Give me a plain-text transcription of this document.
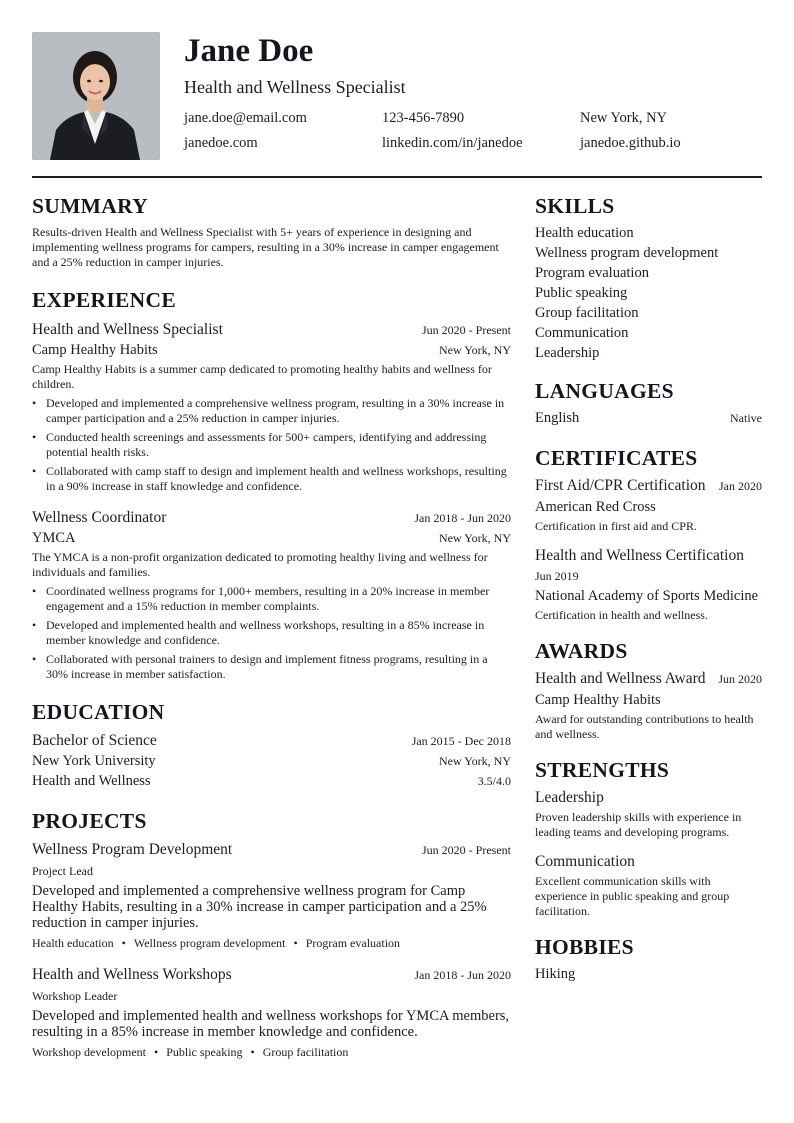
Jane Doe
Health and Wellness Specialist
jane.doe@email.com	123-456-7890	New York, NY
janedoe.com	linkedin.com/in/janedoe	janedoe.github.io
SUMMARY
Results-driven Health and Wellness Specialist with 5+ years of experience in designing and implementing wellness programs for campers, resulting in a 30% increase in camper engagement and a 25% reduction in camper injuries.
EXPERIENCE
Health and Wellness Specialist	Jun 2020 - Present
Camp Healthy Habits	New York, NY
Camp Healthy Habits is a summer camp dedicated to promoting healthy habits and wellness for children.
• Developed and implemented a comprehensive wellness program, resulting in a 30% increase in camper participation and a 25% reduction in camper injuries.
• Conducted health screenings and assessments for 500+ campers, identifying and addressing potential health risks.
• Collaborated with camp staff to design and implement health and wellness workshops, resulting in a 90% increase in staff knowledge and confidence.
Wellness Coordinator	Jan 2018 - Jun 2020
YMCA	New York, NY
The YMCA is a non-profit organization dedicated to promoting healthy living and wellness for individuals and families.
• Coordinated wellness programs for 1,000+ members, resulting in a 20% increase in member engagement and a 15% reduction in member complaints.
• Developed and implemented health and wellness workshops, resulting in a 85% increase in member knowledge and confidence.
• Collaborated with personal trainers to design and implement fitness programs, resulting in a 30% increase in member satisfaction.
EDUCATION
Bachelor of Science	Jan 2015 - Dec 2018
New York University	New York, NY
Health and Wellness	3.5/4.0
PROJECTS
Wellness Program Development	Jun 2020 - Present
Project Lead
Developed and implemented a comprehensive wellness program for Camp Healthy Habits, resulting in a 30% increase in camper participation and a 25% reduction in camper injuries.
Health education • Wellness program development • Program evaluation
Health and Wellness Workshops	Jan 2018 - Jun 2020
Workshop Leader
Developed and implemented health and wellness workshops for YMCA members, resulting in a 85% increase in member knowledge and confidence.
Workshop development • Public speaking • Group facilitation
SKILLS
Health education
Wellness program development
Program evaluation
Public speaking
Group facilitation
Communication
Leadership
LANGUAGES
English	Native
CERTIFICATES
First Aid/CPR Certification Jan 2020
American Red Cross
Certification in first aid and CPR.
Health and Wellness Certification
Jun 2019
National Academy of Sports Medicine
Certification in health and wellness.
AWARDS
Health and Wellness Award Jun 2020
Camp Healthy Habits
Award for outstanding contributions to health and wellness.
STRENGTHS
Leadership
Proven leadership skills with experience in leading teams and developing programs.
Communication
Excellent communication skills with experience in public speaking and group facilitation.
HOBBIES
Hiking
